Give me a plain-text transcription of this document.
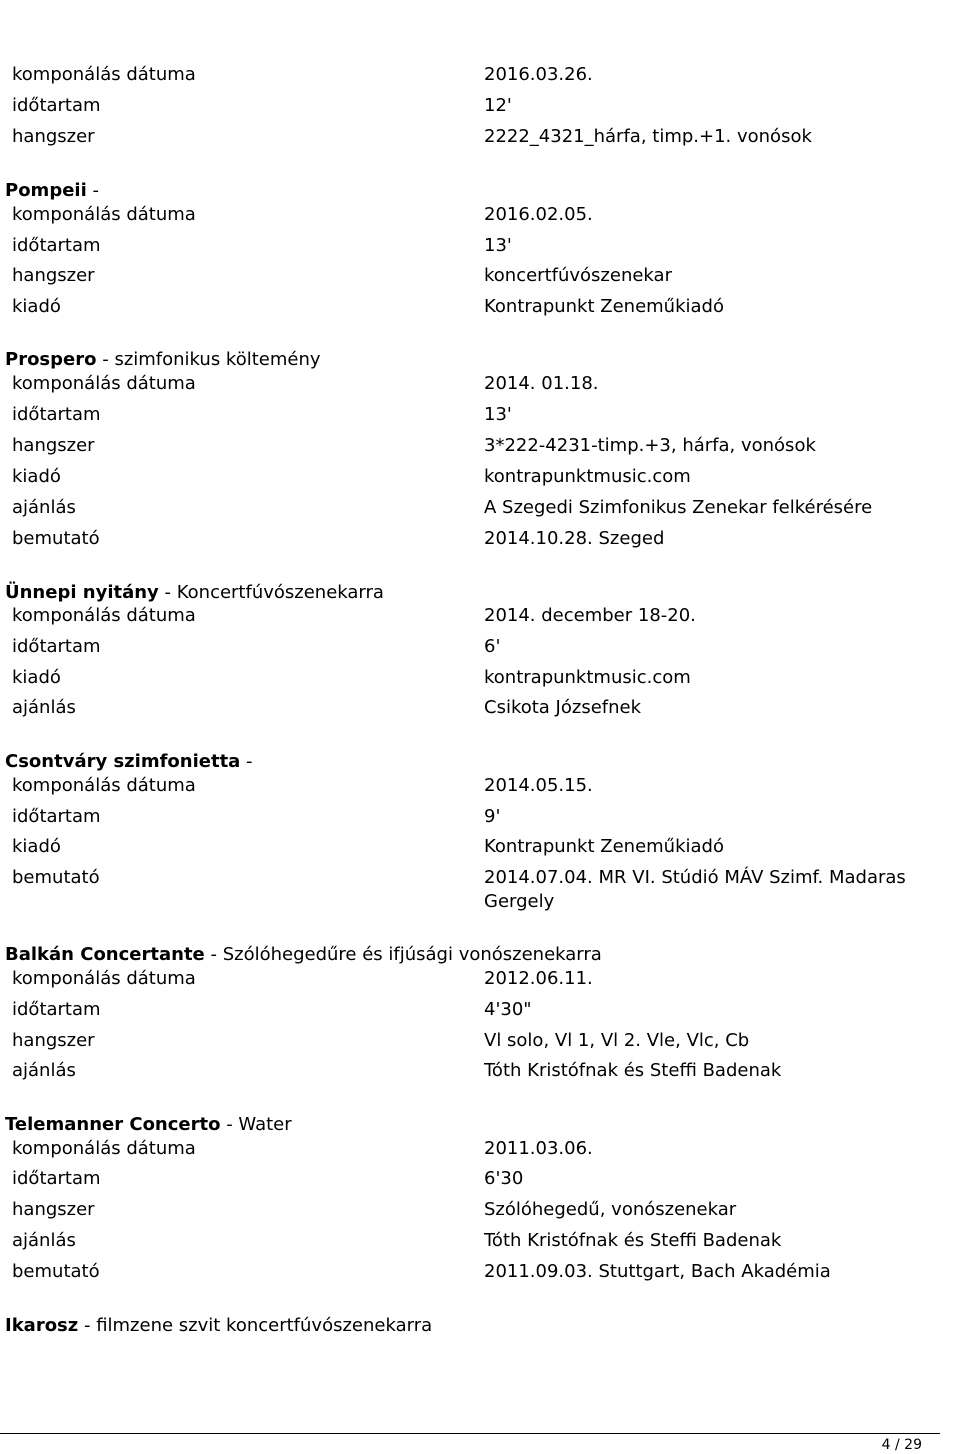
komponálás dátuma	2016.03.26.
időtartam	12'
hangszer	2222_4321_hárfa, timp.+1. vonósok
Pompeii -
komponálás dátuma	2016.02.05.
időtartam	13'
hangszer	koncertfúvószenekar
kiadó	Kontrapunkt Zeneműkiadó
Prospero - szimfonikus költemény
komponálás dátuma	2014. 01.18.
időtartam	13'
hangszer	3*222-4231-timp.+3, hárfa, vonósok
kiadó	kontrapunktmusic.com
ajánlás	A Szegedi Szimfonikus Zenekar felkérésére
bemutató	2014.10.28. Szeged
Ünnepi nyitány - Koncertfúvószenekarra
komponálás dátuma	2014. december 18-20.
időtartam	6'
kiadó	kontrapunktmusic.com
ajánlás	Csikota Józsefnek
Csontváry szimfonietta -
komponálás dátuma	2014.05.15.
időtartam	9'
kiadó	Kontrapunkt Zeneműkiadó
bemutató	2014.07.04. MR VI. Stúdió MÁV Szimf. Madaras Gergely
Balkán Concertante - Szólóhegedűre és ifjúsági vonószenekarra
komponálás dátuma	2012.06.11.
időtartam	4'30"
hangszer	Vl solo, Vl 1, Vl 2. Vle, Vlc, Cb
ajánlás	Tóth Kristófnak és Steffi Badenak
Telemanner Concerto - Water
komponálás dátuma	2011.03.06.
időtartam	6'30
hangszer	Szólóhegedű, vonószenekar
ajánlás	Tóth Kristófnak és Steffi Badenak
bemutató	2011.09.03. Stuttgart, Bach Akadémia
Ikarosz - filmzene szvit koncertfúvószenekarra
4 / 29
